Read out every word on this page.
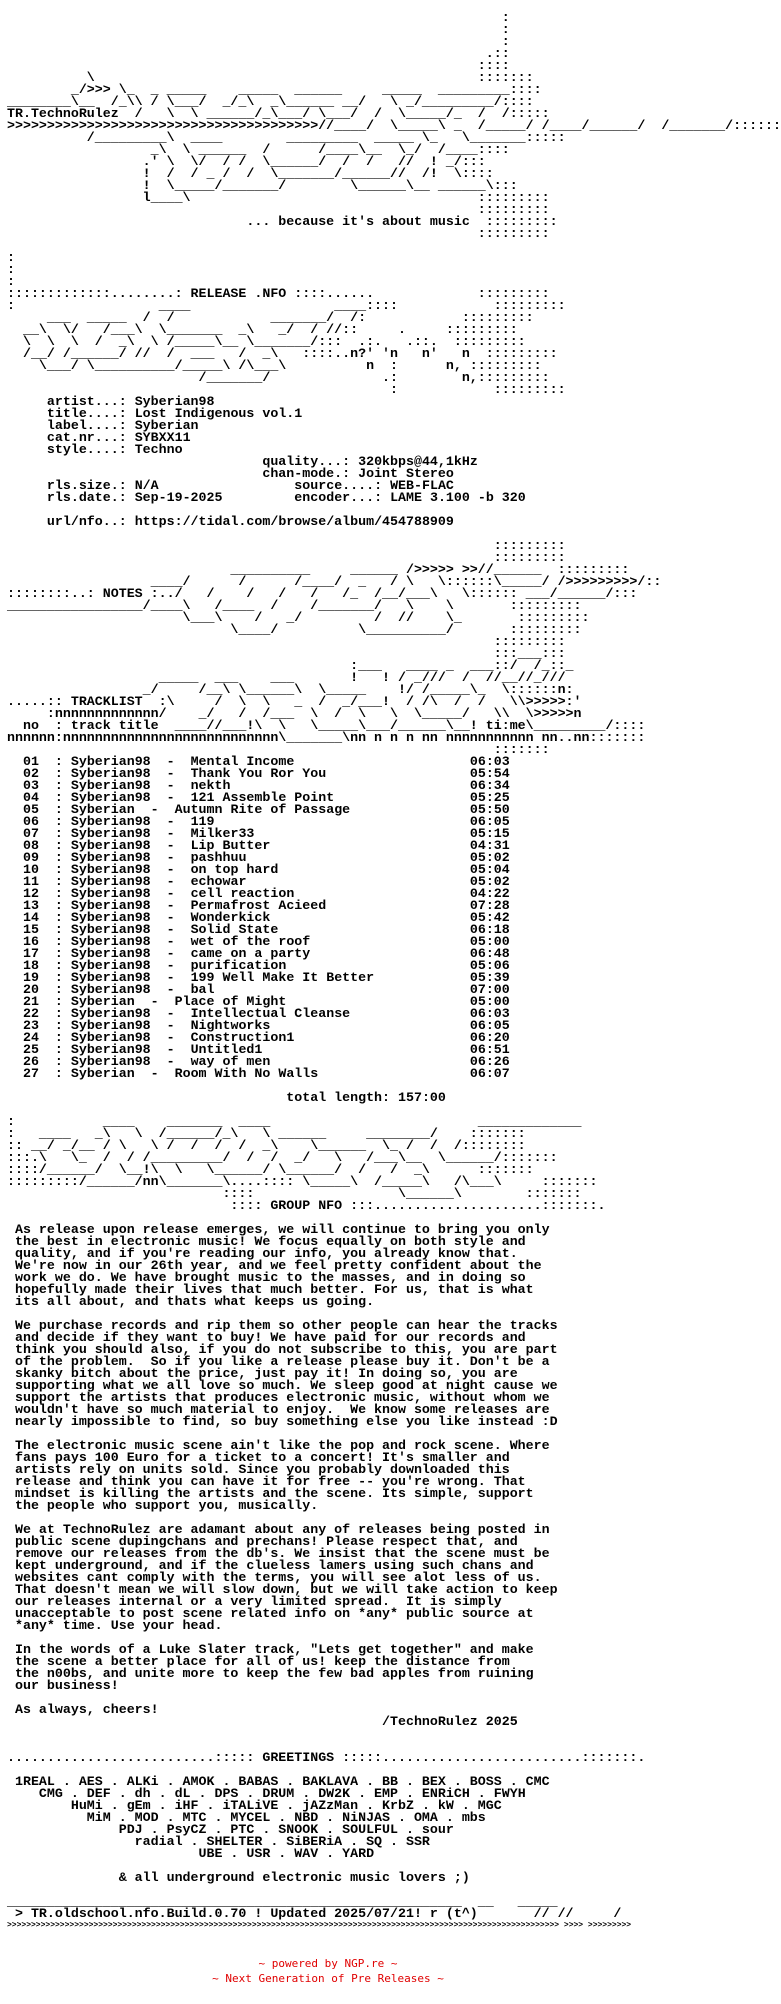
:
:
:
.::
::::
\                                                :::::::
_/>>> \_  _ _____    _____  ______     _____  _________::::
________\__  /_\\ / \___/  _/_\  _\______ __/   \ _/_________/::::
TR.TechnoRulez  /   \  \ ______/_\___/ \___/  /  \_____/_  /  /:::::
>>>>>>>>>>>>>>>>>>>>>>>>>>>>>>>>>>>>>>>//____/  \_____\ _  /_____/ /____/______/  /_______/::::::
/_________\  ____        _________  _____ \_   \_______:::::
_\  \ ______  /      /____\__  \_/  /____::::
.' \  \/  / /  \______/  /  /   //  ! _/:::
!  /  / _ /  /  \_______/______//  /!  \::::
!  \_____/_______/        \______\__ ______\:::
l____\                                    :::::::::
:::::::::
... because it's about music  :::::::::
:::::::::
:
:
:
:::::::::::::........: RELEASE .NFO ::::......             :::::::::
:                  ____                  ____::::            :::::::::
___  _____  /  /            _______/  /:            :::::::::
__\  \/   /___\  \_______  _\   _/  / //::     .     :::::::::
\  \  \  /  _\  \ /_____\__ \_______/:::  .:.   .::.  :::::::::
/__/ /______/ //  /  ___   /  _\   ::::..n?' 'n   n'   n  :::::::::
\___/ \__________/_____\ /\___\          n  :      n, :::::::::
/_______/              .:        n,:::::::::
:            :::::::::
artist...: Syberian98
title....: Lost Indigenous vol.1
label....: Syberian
cat.nr...: SYBXX11
style....: Techno
quality...: 320kbps@44,1kHz
chan-mode.: Joint Stereo
rls.size.: N/A	source....: WEB-FLAC
rls.date.: Sep-19-2025	encoder...: LAME 3.100 -b 320
url/nfo..: https://tidal.com/browse/album/454788909
:::::::::
:::::::::
__________     ______ />>>>> >>//______  :::::::::
____/      /      /____/  _   / \   \::::::\_____/ />>>>>>>>>/::
::::::::..: NOTES :../   /    /   /   /   /_  /__/___\   \:::::: ___/______/:::
_________________/____\   /____  /    /_______/   \    \       :::::::::
\___\    /   _/         /  //    \_       :::::::::
\____/          \__________/       :::::::::
:::::::::
:::___:::
:___   ____ _  ___::/  /_::_
_____  ___    ___       !   ! / _///  /  //__//_///
_/     /__\ \______\  \_____    !/ /_____\_  \::::::n:
.....:: TRACKLIST  :\     /  \  \   _  /  _/___!  / /\  /  /   \\>>>>>:'
:nnnnnnnnnnnnn/    _/   /  /___  \  /  \   \  \_____/   \\  \>>>>>n
no  : track title  ____//___!\  \   \_____\___/______\__! ti:me\_________/::::
nnnnnn:nnnnnnnnnnnnnnnnnnnnnnnnnnn\_______\nn n n n nn nnnnnnnnnnn nn..nn:::::::
:::::::
01  : Syberian98  -  Mental Income	06:03
02  : Syberian98  -  Thank You Ror You	05:54
03  : Syberian98  -  nekth	06:34
04  : Syberian98  -  121 Assemble Point	05:25
05  : Syberian  -  Autumn Rite of Passage	05:50
06  : Syberian98  -  119	06:05
07  : Syberian98  -  Milker33	05:15
08  : Syberian98  -  Lip Butter	04:31
09  : Syberian98  -  pashhuu	05:02
10  : Syberian98  -  on top hard	05:04
11  : Syberian98  -  echowar	05:02
12  : Syberian98  -  cell reaction	04:22
13  : Syberian98  -  Permafrost Acieed	07:28
14  : Syberian98  -  Wonderkick	05:42
15  : Syberian98  -  Solid State	06:18
16  : Syberian98  -  wet of the roof	05:00
17  : Syberian98  -  came on a party	06:48
18  : Syberian98  -  purification	05:06
19  : Syberian98  -  199 Well Make It Better	05:39
20  : Syberian98  -  bal	07:00
21  : Syberian  -  Place of Might	05:00
22  : Syberian98  -  Intellectual Cleanse	06:03
23  : Syberian98  -  Nightworks	06:05
24  : Syberian98  -  Construction1	06:20
25  : Syberian98  -  Untitled1	06:51
26  : Syberian98  -  way of men	06:26
27  : Syberian  -  Room With No Walls	06:07
total length: 157:00
:           ____    _______  ____                          _____________
:   ____   _\   \  /______/_\   \ ______     ________/    :::::::
:: __/ _/__ / \   \ /  /  /  /  _\    \______  \_ /  /  /::::::::
:::.\   \_  /  / /_________/  /  /  _/   \   /___\__  \______/:::::::
::::/______/  \__!\  \   \______/ \______/  /   /  _\      :::::::
:::::::::/______/nn\_______\....:::: \_____\  /_____\   /\___\     :::::::
::::                  \______\        :::::::
:::: GROUP NFO :::.....................:::::::.
As release upon release emerges, we will continue to bring you only
the best in electronic music! We focus equally on both style and
quality, and if you're reading our info, you already know that.
We're now in our 26th year, and we feel pretty confident about the
work we do. We have brought music to the masses, and in doing so
hopefully made their lives that much better. For us, that is what
its all about, and thats what keeps us going.
We purchase records and rip them so other people can hear the tracks
and decide if they want to buy! We have paid for our records and
think you should also, if you do not subscribe to this, you are part
of the problem.  So if you like a release please buy it. Don't be a
skanky bitch about the price, just pay it! In doing so, you are
supporting what we all love so much. We sleep good at night cause we
support the artists that produces electronic music, without whom we
wouldn't have so much material to enjoy.  We know some releases are
nearly impossible to find, so buy something else you like instead :D
The electronic music scene ain't like the pop and rock scene. Where
fans pays 100 Euro for a ticket to a concert! It's smaller and
artists rely on units sold. Since you probably downloaded this
release and think you can have it for free -- you're wrong. That
mindset is killing the artists and the scene. Its simple, support
the people who support you, musically.
We at TechnoRulez are adamant about any of releases being posted in
public scene dupingchans and prechans! Please respect that, and
remove our releases from the db's. We insist that the scene must be
kept underground, and if the clueless lamers using such chans and
websites cant comply with the terms, you will see alot less of us.
That doesn't mean we will slow down, but we will take action to keep
our releases internal or a very limited spread.  It is simply
unacceptable to post scene related info on *any* public source at
*any* time. Use your head.
In the words of a Luke Slater track, "Lets get together" and make
the scene a better place for all of us! keep the distance from
the n00bs, and unite more to keep the few bad apples from ruining
our business!
As always, cheers!
/TechnoRulez 2025
..........................::::: GREETINGS :::::.........................:::::::.
1REAL . AES . ALKi . AMOK . BABAS . BAKLAVA . BB . BEX . BOSS . CMC
CMG . DEF . dh . dL . DPS . DRUM . DW2K . EMP . ENRiCH . FWYH
HuMi . gEm . iHF . iTALiVE . jAZzMan . KrbZ . kW . MGC
MiM . MOD . MTC . MYCEL . NBD . NiNJAS . OMA . mbs
PDJ . PsyCZ . PTC . SNOOK . SOULFUL . sour
radial . SHELTER . SiBERiA . SQ . SSR
UBE . USR . WAV . YARD
& all underground electronic music lovers ;)
_________________________________________________________  __   _____
> TR.oldschool.nfo.Build.0.70 ! Updated 2025/07/21! r (t^)       // //     /
>>>>>>>>>>>>>>>>>>>>>>>>>>>>>>>>>>>>>>>>>>>>>>>>>>>>>>>>>>>>>>>>>>>>>>>>>>>>>>>>>>>>>>>>>>>>>>>>>>>>>>>>>>>>>>>>>>> >>>> >>>>>>>>>
~ powered by NGP.re ~
~ Next Generation of Pre Releases ~
